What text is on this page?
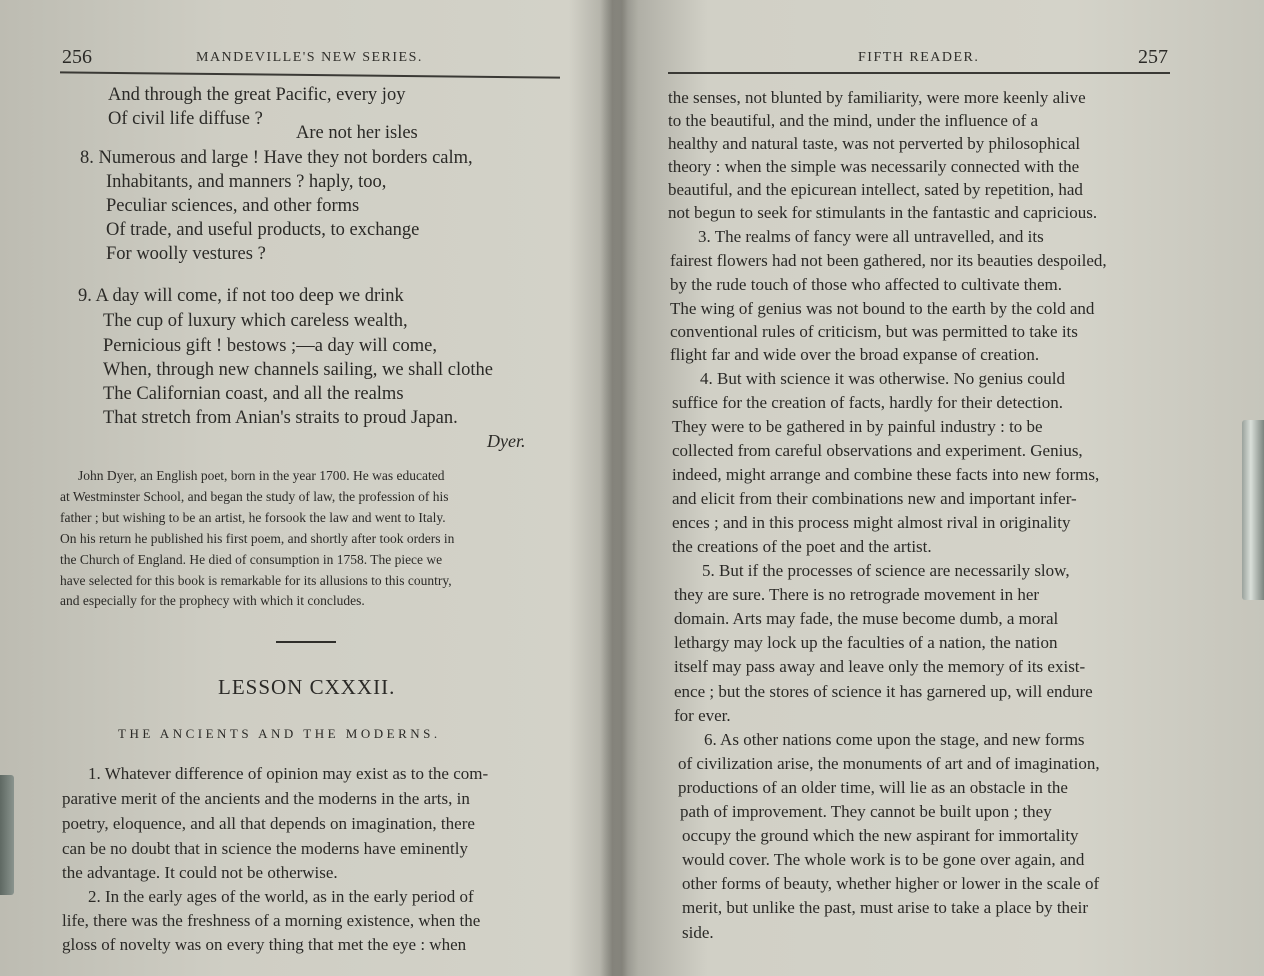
256	MANDEVILLE'S NEW SERIES.
And through the great Pacific, every joy
Of civil life diffuse ?
Are not her isles
8. Numerous and large ! Have they not borders calm,
Inhabitants, and manners ? haply, too,
Peculiar sciences, and other forms
Of trade, and useful products, to exchange
For woolly vestures ?
9. A day will come, if not too deep we drink
The cup of luxury which careless wealth,
Pernicious gift ! bestows ;—a day will come,
When, through new channels sailing, we shall clothe
The Californian coast, and all the realms
That stretch from Anian's straits to proud Japan.
Dyer.
John Dyer, an English poet, born in the year 1700. He was educated
at Westminster School, and began the study of law, the profession of his
father ; but wishing to be an artist, he forsook the law and went to Italy.
On his return he published his first poem, and shortly after took orders in
the Church of England. He died of consumption in 1758. The piece we
have selected for this book is remarkable for its allusions to this country,
and especially for the prophecy with which it concludes.
LESSON CXXXII.
THE ANCIENTS AND THE MODERNS.
1. Whatever difference of opinion may exist as to the com-
parative merit of the ancients and the moderns in the arts, in
poetry, eloquence, and all that depends on imagination, there
can be no doubt that in science the moderns have eminently
the advantage. It could not be otherwise.
2. In the early ages of the world, as in the early period of
life, there was the freshness of a morning existence, when the
gloss of novelty was on every thing that met the eye : when
FIFTH READER.	257
the senses, not blunted by familiarity, were more keenly alive
to the beautiful, and the mind, under the influence of a
healthy and natural taste, was not perverted by philosophical
theory : when the simple was necessarily connected with the
beautiful, and the epicurean intellect, sated by repetition, had
not begun to seek for stimulants in the fantastic and capricious.
3. The realms of fancy were all untravelled, and its
fairest flowers had not been gathered, nor its beauties despoiled,
by the rude touch of those who affected to cultivate them.
The wing of genius was not bound to the earth by the cold and
conventional rules of criticism, but was permitted to take its
flight far and wide over the broad expanse of creation.
4. But with science it was otherwise. No genius could
suffice for the creation of facts, hardly for their detection.
They were to be gathered in by painful industry : to be
collected from careful observations and experiment. Genius,
indeed, might arrange and combine these facts into new forms,
and elicit from their combinations new and important infer-
ences ; and in this process might almost rival in originality
the creations of the poet and the artist.
5. But if the processes of science are necessarily slow,
they are sure. There is no retrograde movement in her
domain. Arts may fade, the muse become dumb, a moral
lethargy may lock up the faculties of a nation, the nation
itself may pass away and leave only the memory of its exist-
ence ; but the stores of science it has garnered up, will endure
for ever.
6. As other nations come upon the stage, and new forms
of civilization arise, the monuments of art and of imagination,
productions of an older time, will lie as an obstacle in the
path of improvement. They cannot be built upon ; they
occupy the ground which the new aspirant for immortality
would cover. The whole work is to be gone over again, and
other forms of beauty, whether higher or lower in the scale of
merit, but unlike the past, must arise to take a place by their
side.
